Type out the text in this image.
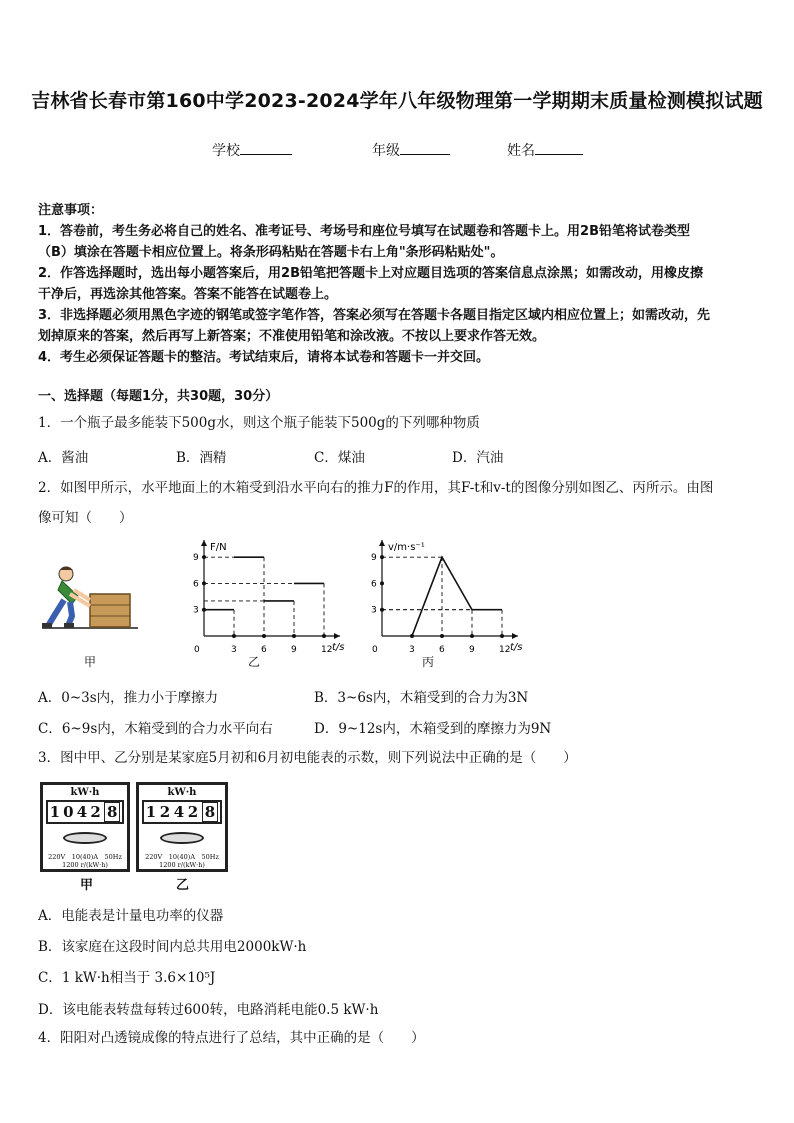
吉林省长春市第160中学2023-2024学年八年级物理第一学期期末质量检测模拟试题
学校	年级	姓名
注意事项：
1．答卷前，考生务必将自己的姓名、准考证号、考场号和座位号填写在试题卷和答题卡上。用2B铅笔将试卷类型
（B）填涂在答题卡相应位置上。将条形码粘贴在答题卡右上角"条形码粘贴处"。
2．作答选择题时，选出每小题答案后，用2B铅笔把答题卡上对应题目选项的答案信息点涂黑；如需改动，用橡皮擦
干净后，再选涂其他答案。答案不能答在试题卷上。
3．非选择题必须用黑色字迹的钢笔或签字笔作答，答案必须写在答题卡各题目指定区域内相应位置上；如需改动，先
划掉原来的答案，然后再写上新答案；不准使用铅笔和涂改液。不按以上要求作答无效。
4．考生必须保证答题卡的整洁。考试结束后，请将本试卷和答题卡一并交回。
一、选择题（每题1分，共30题，30分）
1．一个瓶子最多能装下500g水，则这个瓶子能装下500g的下列哪种物质
A．酱油	B．酒精	C．煤油	D．汽油
2．如图甲所示，水平地面上的木箱受到沿水平向右的推力F的作用，其F-t和v-t的图像分别如图乙、丙所示。由图
像可知（　　）
甲
F/N
t/s
0	3	6	9	12
3
6
9
乙
v/m·s⁻¹
t/s
0	3	6	9	12
3
6
9
丙
A．0~3s内，推力小于摩擦力	B．3~6s内，木箱受到的合力为3N
C．6~9s内，木箱受到的合力水平向右	D．9~12s内，木箱受到的摩擦力为9N
3．图中甲、乙分别是某家庭5月初和6月初电能表的示数，则下列说法中正确的是（　　）
kW·h
1 0 4 2 8
220V　10(40)A　50Hz
1200 r/(kW·h)
甲
kW·h
1 2 4 2 8
220V　10(40)A　50Hz
1200 r/(kW·h)
乙
A．电能表是计量电功率的仪器
B．该家庭在这段时间内总共用电2000kW·h
C．1 kW·h相当于 3.6×10⁵J
D．该电能表转盘每转过600转，电路消耗电能0.5 kW·h
4．阳阳对凸透镜成像的特点进行了总结，其中正确的是（　　）
